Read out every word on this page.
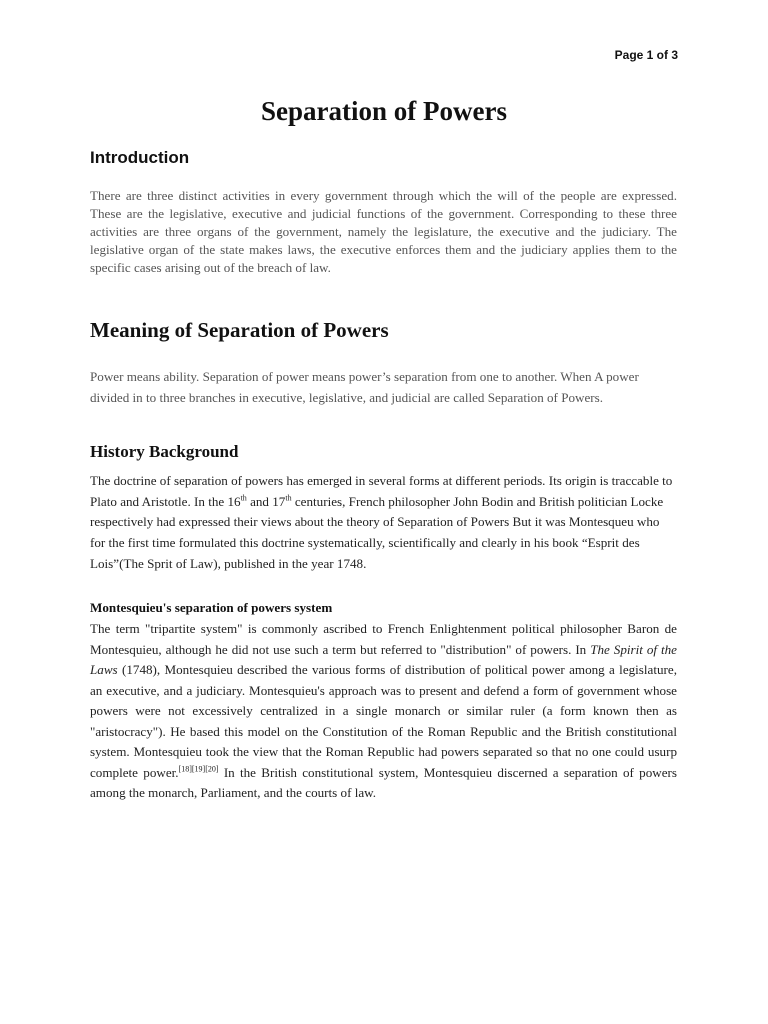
Page 1 of 3
Separation of Powers
Introduction

There are three distinct activities in every government through which the will of the people are expressed. These are the legislative, executive and judicial functions of the government. Corresponding to these three activities are three organs of the government, namely the legislature, the executive and the judiciary. The legislative organ of the state makes laws, the executive enforces them and the judiciary applies them to the specific cases arising out of the breach of law.

Meaning of Separation of Powers

Power means ability. Separation of power means power’s separation from one to another. When A power divided in to three branches in executive, legislative, and judicial are called Separation of Powers.

History Background

The doctrine of separation of powers has emerged in several forms at different periods. Its origin is traccable to Plato and Aristotle. In the 16th and 17th centuries, French philosopher John Bodin and British politician Locke respectively had expressed their views about the theory of Separation of Powers But it was Montesqueu who for the first time formulated this doctrine systematically, scientifically and clearly in his book “Esprit des Lois”(The Sprit of Law), published in the year 1748.

Montesquieu's separation of powers system

The term "tripartite system" is commonly ascribed to French Enlightenment political philosopher Baron de Montesquieu, although he did not use such a term but referred to "distribution" of powers. In The Spirit of the Laws (1748), Montesquieu described the various forms of distribution of political power among a legislature, an executive, and a judiciary. Montesquieu's approach was to present and defend a form of government whose powers were not excessively centralized in a single monarch or similar ruler (a form known then as "aristocracy"). He based this model on the Constitution of the Roman Republic and the British constitutional system. Montesquieu took the view that the Roman Republic had powers separated so that no one could usurp complete power.[18][19][20] In the British constitutional system, Montesquieu discerned a separation of powers among the monarch, Parliament, and the courts of law.
